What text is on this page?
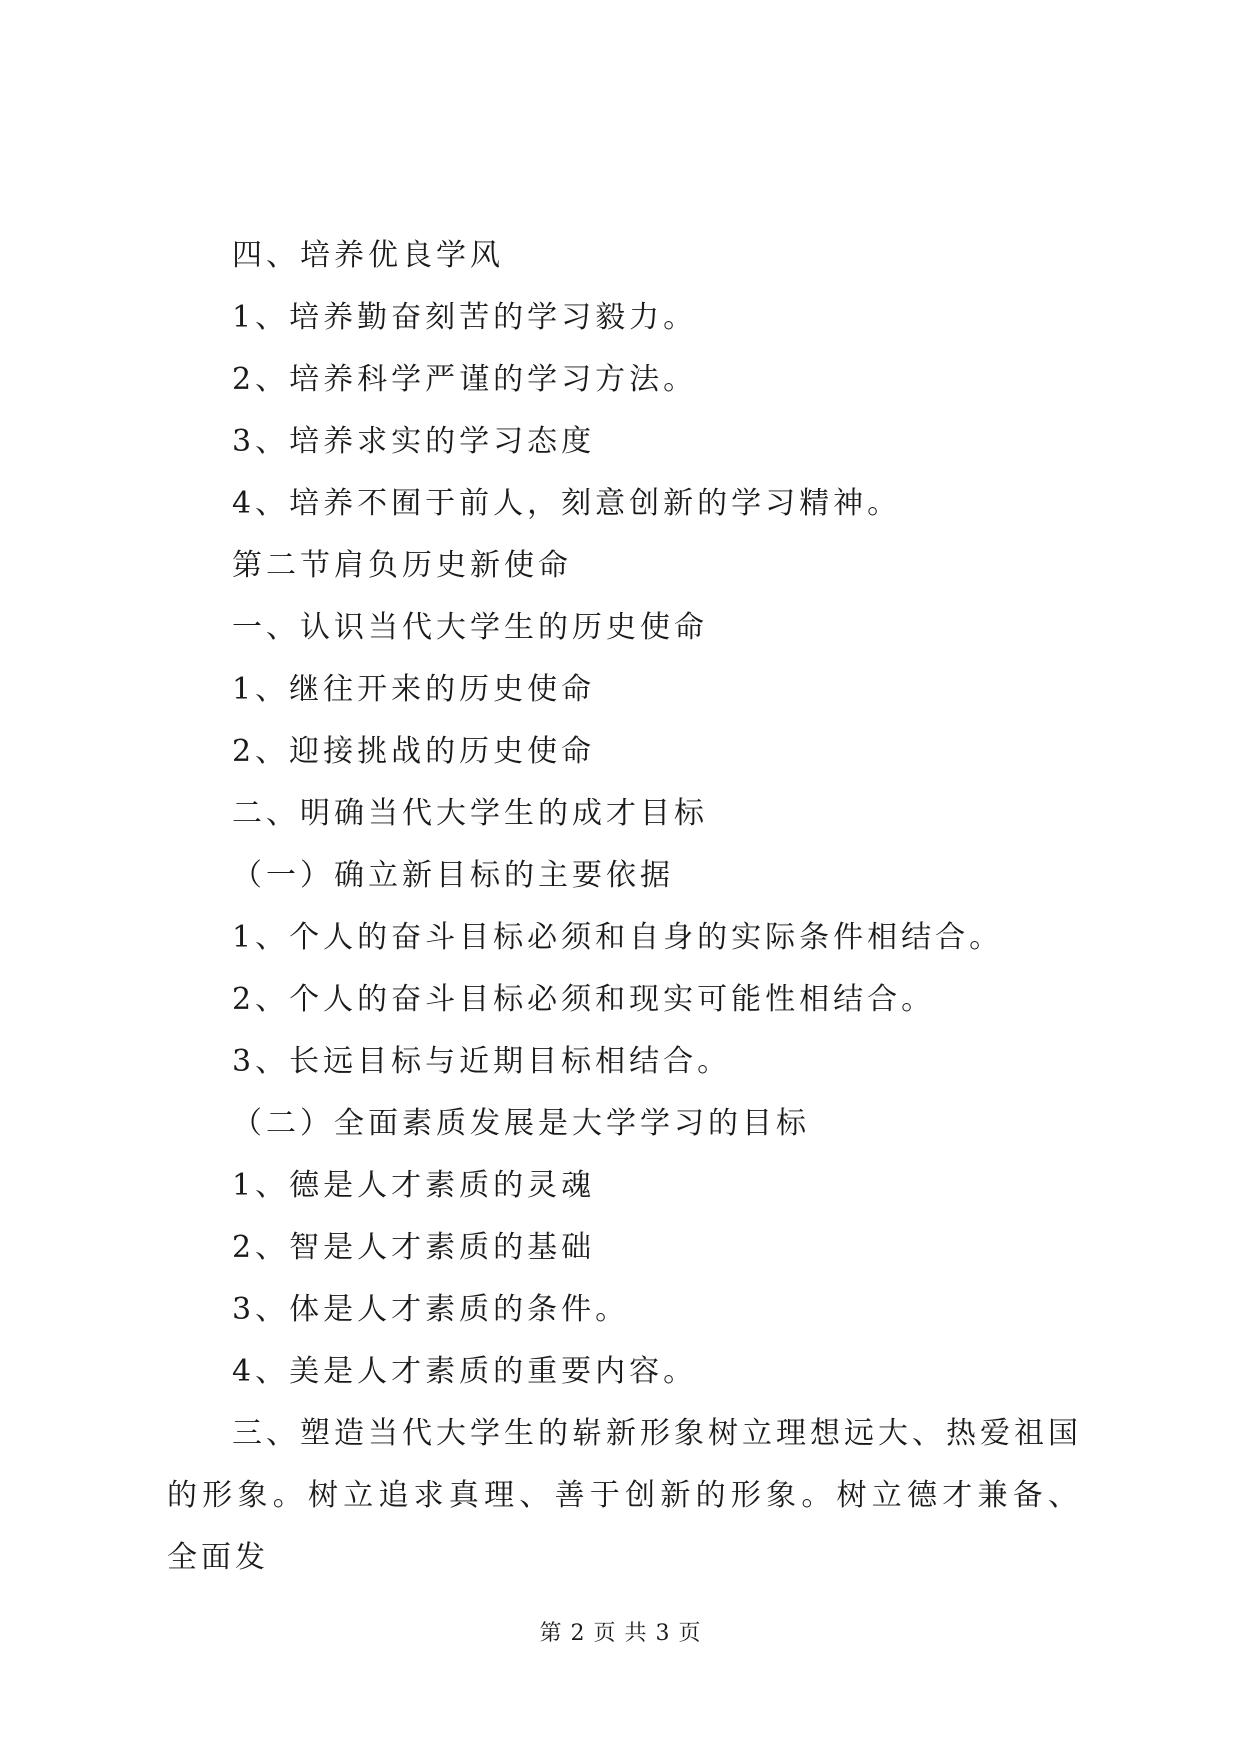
四、培养优良学风
1、培养勤奋刻苦的学习毅力。
2、培养科学严谨的学习方法。
3、培养求实的学习态度
4、培养不囿于前人，刻意创新的学习精神。
第二节肩负历史新使命
一、认识当代大学生的历史使命
1、继往开来的历史使命
2、迎接挑战的历史使命
二、明确当代大学生的成才目标
（一）确立新目标的主要依据
1、个人的奋斗目标必须和自身的实际条件相结合。
2、个人的奋斗目标必须和现实可能性相结合。
3、长远目标与近期目标相结合。
（二）全面素质发展是大学学习的目标
1、德是人才素质的灵魂
2、智是人才素质的基础
3、体是人才素质的条件。
4、美是人才素质的重要内容。
三、塑造当代大学生的崭新形象树立理想远大、热爱祖国的形象。树立追求真理、善于创新的形象。树立德才兼备、全面发
第 2 页 共 3 页
